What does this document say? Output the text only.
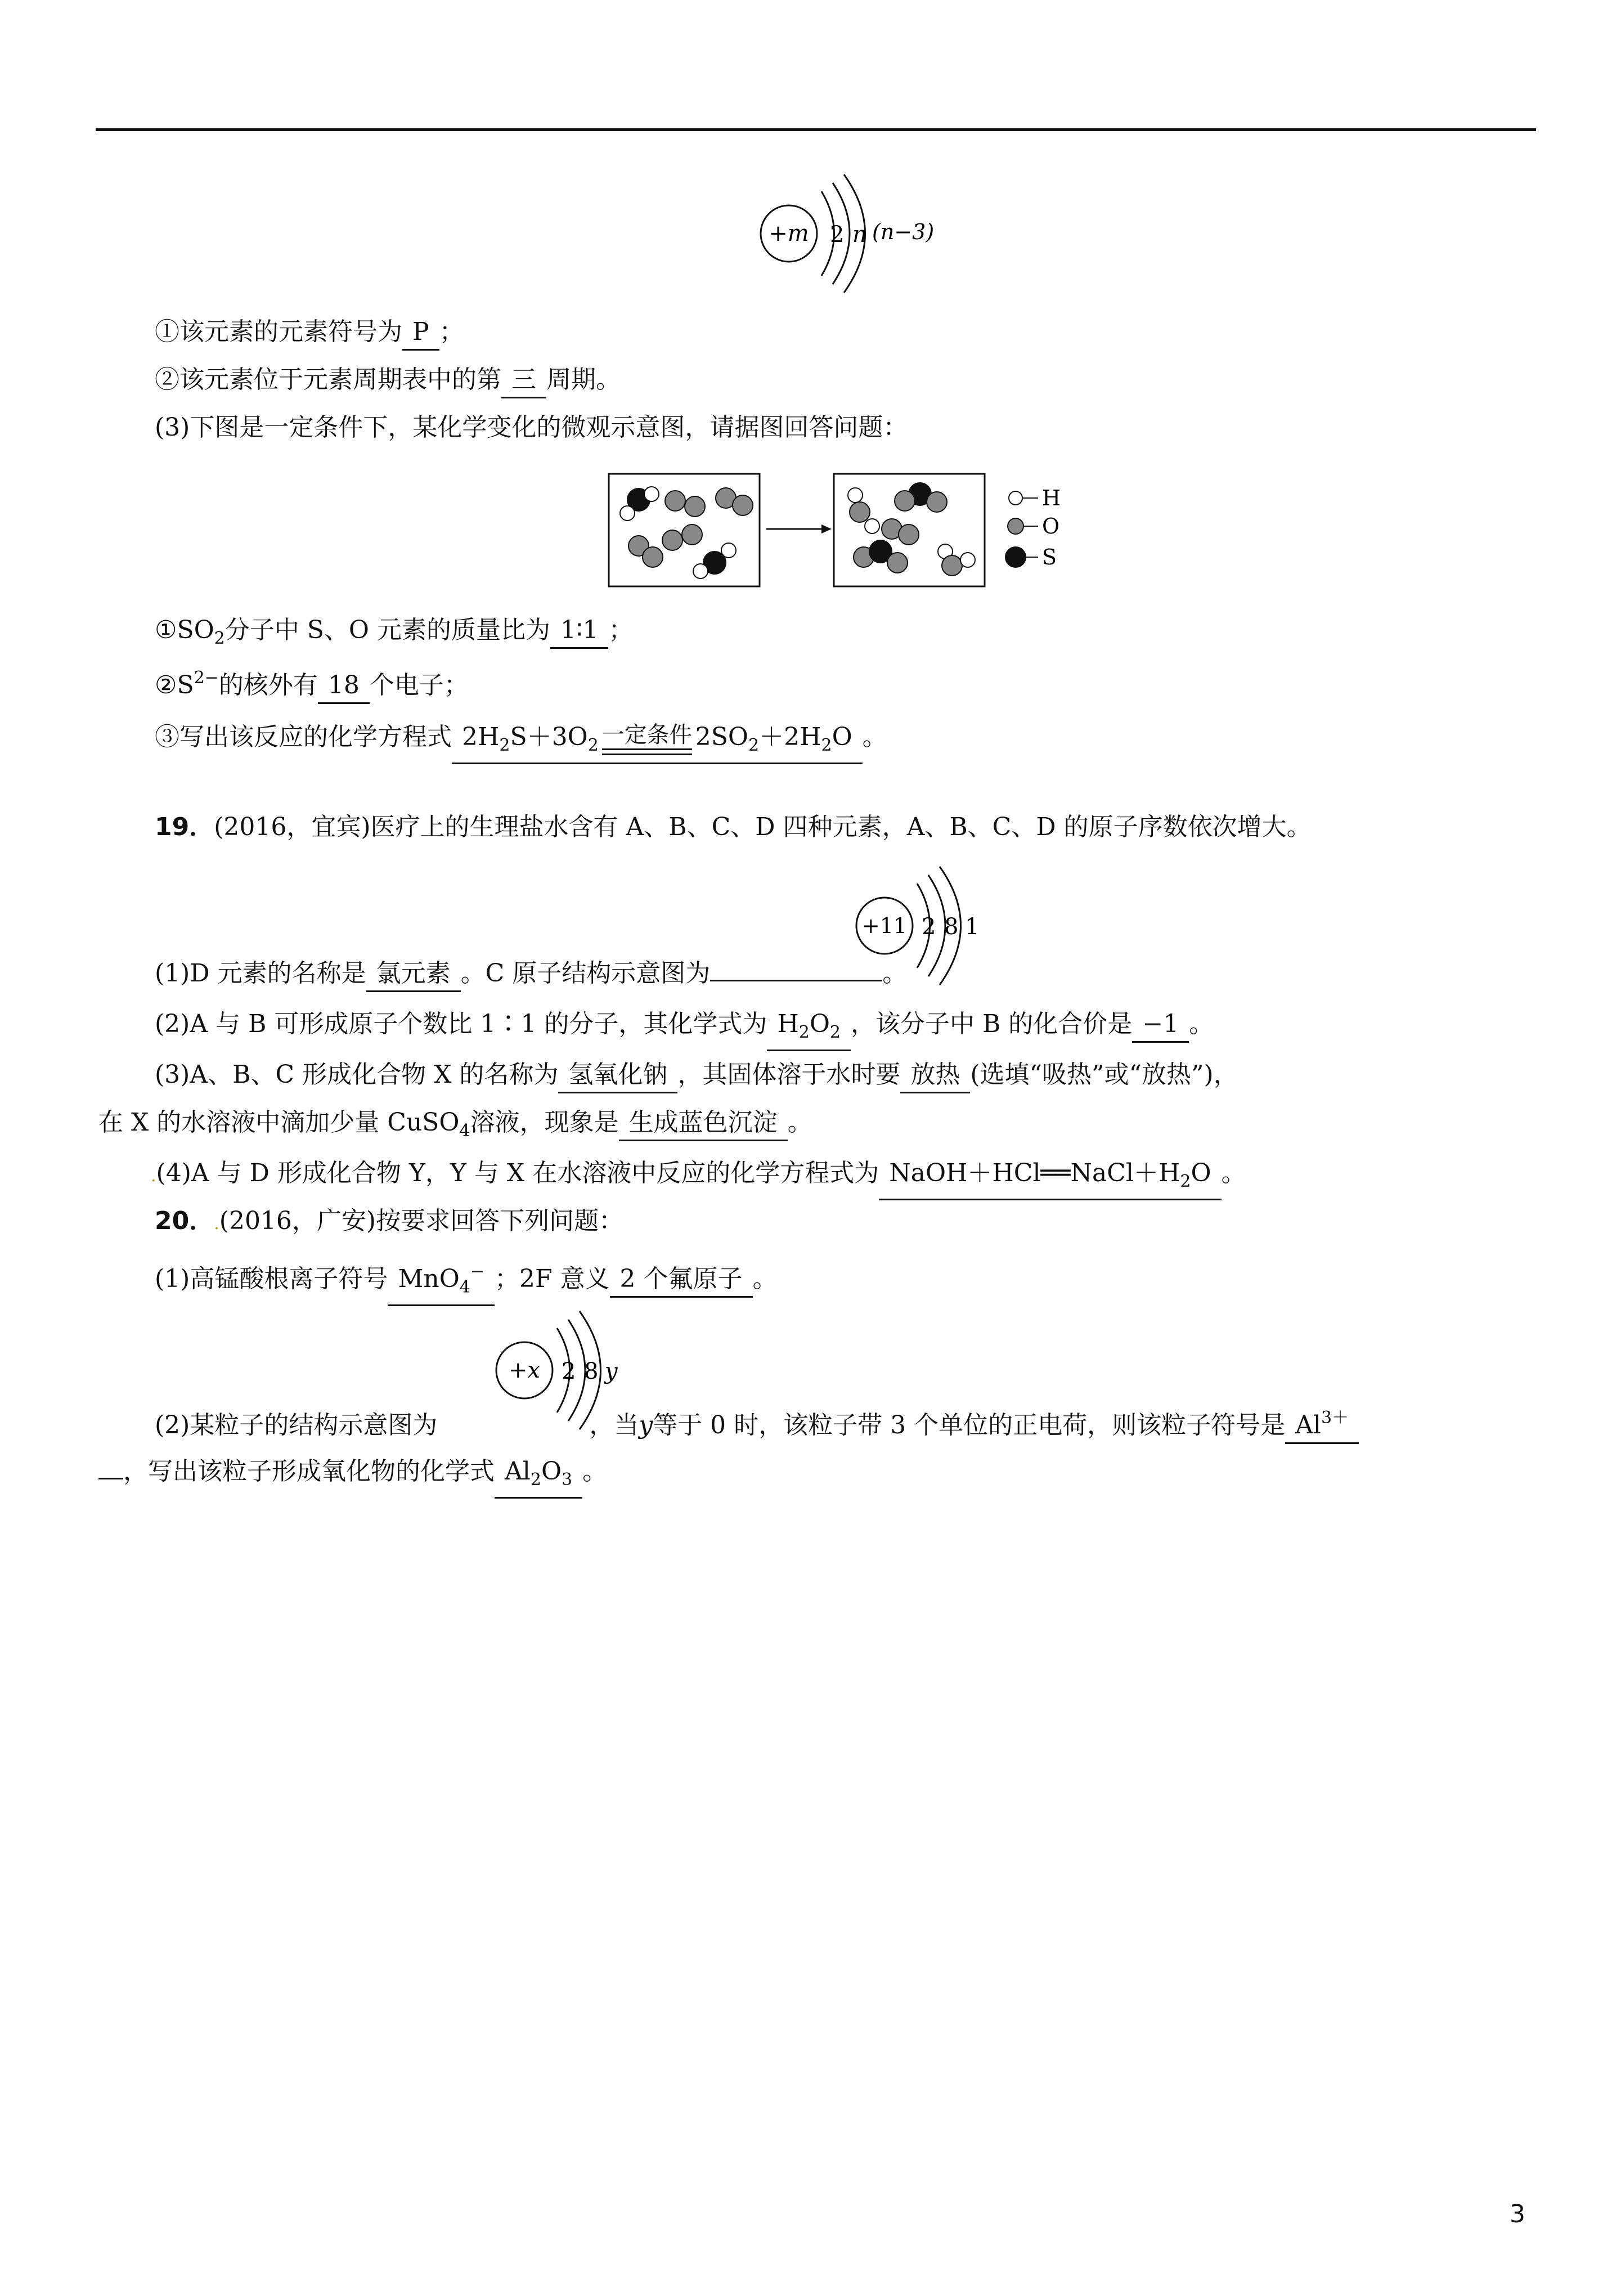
+m 2 n (n−3)
①该元素的元素符号为 P ；
②该元素位于元素周期表中的第 三 周期。
(3)下图是一定条件下，某化学变化的微观示意图，请据图回答问题：
H
O
S
$①SO_2$分子中 S、O 元素的质量比为 1∶1 ；
$②S^{2-}$的核外有 18 个电子；
③写出该反应的化学方程式 $2H_2S+3O_2$ 一定条件 $2SO_2+2H_2O$ 。
19．(2016，宜宾)医疗上的生理盐水含有 A、B、C、D 四种元素，A、B、C、D 的原子序数依次增大。
+11 2 8 1
(1)D 元素的名称是 氯元素 。C 原子结构示意图为	。
(2)A 与 B 可形成原子个数比 1∶1 的分子，其化学式为 $H_2O_2$ ，该分子中 B 的化合价是 −1 。
(3)A、B、C 形成化合物 X 的名称为 氢氧化钠 ，其固体溶于水时要 放热 (选填“吸热”或“放热”)，
在 X 的水溶液中滴加少量 CuSO$_4$溶液，现象是 生成蓝色沉淀 。
.(4)A 与 D 形成化合物 Y，Y 与 X 在水溶液中反应的化学方程式为 $NaOH+HCl══NaCl+H_2O$ 。
20．.(2016，广安)按要求回答下列问题：
(1)高锰酸根离子符号 MnO$_4$− ；2F 意义 2 个氟原子 。
+x 2 8 y
(2)某粒子的结构示意图为	，当y等于 0 时，该粒子带 3 个单位的正电荷，则该粒子符号是 $Al^{3+}$
，写出该粒子形成氧化物的化学式 $Al_2O_3$ 。
3
